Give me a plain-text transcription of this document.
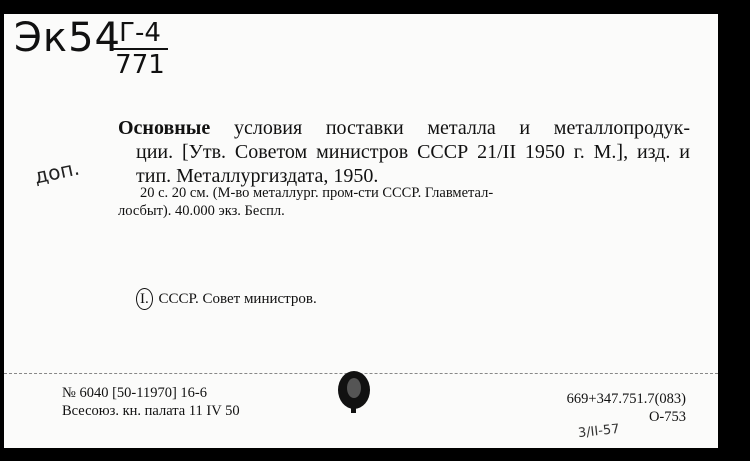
Эк54
Г-4
771
доп.
Основные условия поставки металла и металлопродук-
ции. [Утв. Советом министров СССР 21/II 1950 г. М.], изд. и тип. Металлургиздата, 1950.
20 с. 20 см. (М-во металлург. пром-сти СССР. Главметал-
лосбыт). 40.000 экз. Беспл.
I. СССР. Совет министров.
№ 6040 [50-11970] 16-6
Всесоюз. кн. палата 11 IV 50
669+347.751.7(083)
О-753
3/II-57
